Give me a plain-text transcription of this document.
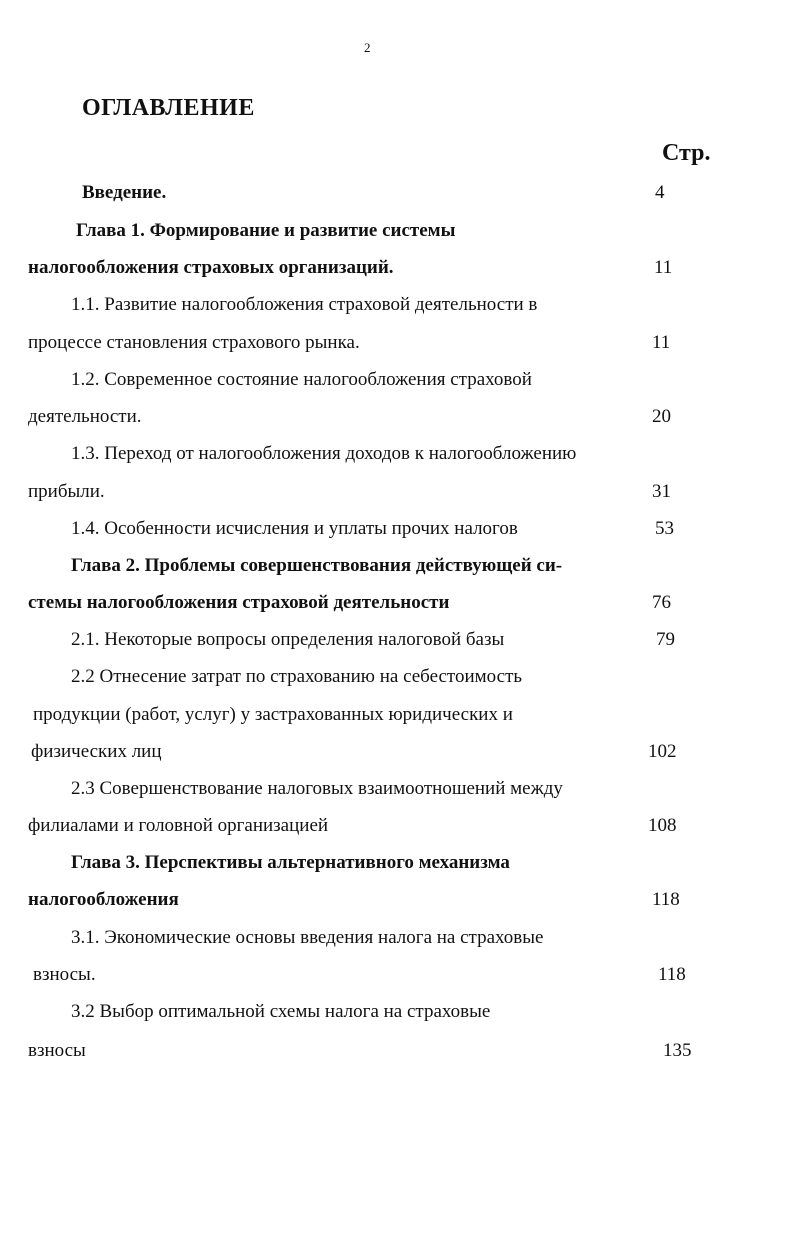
2
ОГЛАВЛЕНИЕ
Стр.
Введение.	4
Глава 1. Формирование и развитие системы
налогообложения страховых организаций.	11
1.1. Развитие налогообложения страховой деятельности в
процессе становления страхового рынка.	11
1.2. Современное состояние налогообложения страховой
деятельности.	20
1.3. Переход от налогообложения доходов к налогообложению
прибыли.	31
1.4. Особенности исчисления и уплаты прочих налогов	53
Глава 2. Проблемы совершенствования действующей си-
стемы налогообложения страховой деятельности	76
2.1. Некоторые вопросы определения налоговой базы	79
2.2 Отнесение затрат по страхованию на себестоимость
продукции (работ, услуг) у застрахованных юридических и
физических лиц	102
2.3 Совершенствование налоговых взаимоотношений между
филиалами и головной организацией	108
Глава 3. Перспективы альтернативного механизма
налогообложения	118
3.1. Экономические основы введения налога на страховые
взносы.	118
3.2 Выбор оптимальной схемы налога на страховые
взносы	135
